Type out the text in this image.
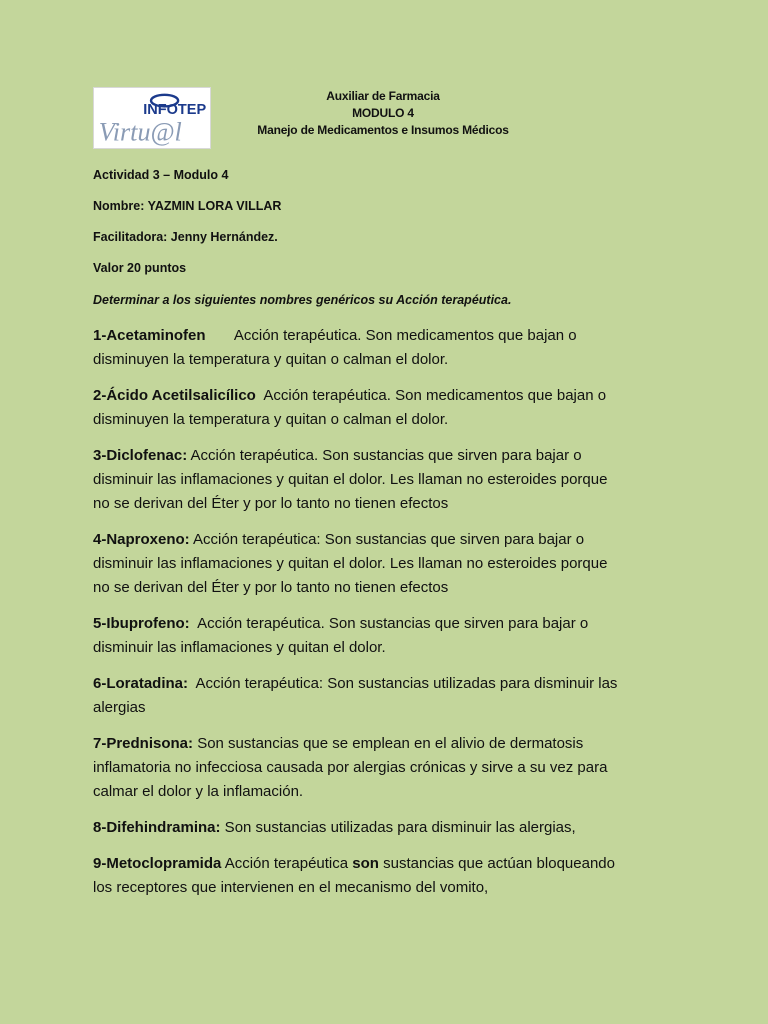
INFOTEP
Virtu@l
Auxiliar de Farmacia
MODULO 4
Manejo de Medicamentos e Insumos Médicos
Actividad 3 – Modulo 4
Nombre: YAZMIN LORA VILLAR
Facilitadora: Jenny Hernández.
Valor 20 puntos
Determinar a los siguientes nombres genéricos su Acción terapéutica.
1-Acetaminofen       Acción terapéutica. Son medicamentos que bajan o
disminuyen la temperatura y quitan o calman el dolor.
2-Ácido Acetilsalicílico  Acción terapéutica. Son medicamentos que bajan o
disminuyen la temperatura y quitan o calman el dolor.
3-Diclofenac: Acción terapéutica. Son sustancias que sirven para bajar o
disminuir las inflamaciones y quitan el dolor. Les llaman no esteroides porque
no se derivan del Éter y por lo tanto no tienen efectos
4-Naproxeno: Acción terapéutica: Son sustancias que sirven para bajar o
disminuir las inflamaciones y quitan el dolor. Les llaman no esteroides porque
no se derivan del Éter y por lo tanto no tienen efectos
5-Ibuprofeno:  Acción terapéutica. Son sustancias que sirven para bajar o
disminuir las inflamaciones y quitan el dolor.
6-Loratadina:  Acción terapéutica: Son sustancias utilizadas para disminuir las
alergias
7-Prednisona: Son sustancias que se emplean en el alivio de dermatosis
inflamatoria no infecciosa causada por alergias crónicas y sirve a su vez para
calmar el dolor y la inflamación.
8-Difehindramina: Son sustancias utilizadas para disminuir las alergias,
9-Metoclopramida Acción terapéutica son sustancias que actúan bloqueando
los receptores que intervienen en el mecanismo del vomito,
